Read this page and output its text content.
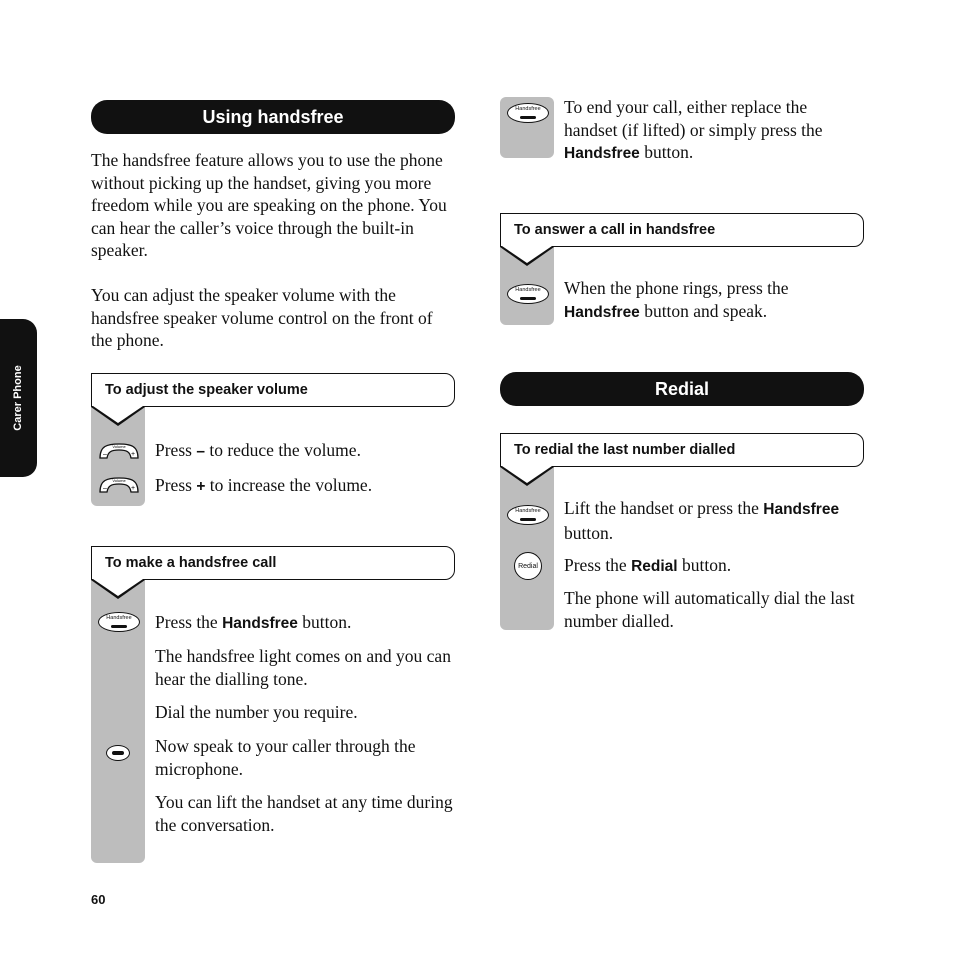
Carer Phone
Using handsfree
The handsfree feature allows you to use the phone without picking up the handset, giving you more freedom while you are speaking on the phone. You can hear the caller’s voice through the built-in speaker.
You can adjust the speaker volume with the handsfree speaker volume control on the front of the phone.
To adjust the speaker volume
Volume
–	+ Press – to reduce the volume.
Volume
–	+ Press + to increase the volume.
To make a handsfree call
Handsfree	Press the Handsfree button.
The handsfree light comes on and you can hear the dialling tone.
Dial the number you require.
Now speak to your caller through the microphone.
You can lift the handset at any time during the conversation.
60
Handsfree	To end your call, either replace the handset (if lifted) or simply press the Handsfree button.
To answer a call in handsfree
Handsfree	When the phone rings, press the Handsfree button and speak.
Redial
To redial the last number dialled
Handsfree	Lift the handset or press the Handsfree button.
Redial Press the Redial button.
The phone will automatically dial the last number dialled.
